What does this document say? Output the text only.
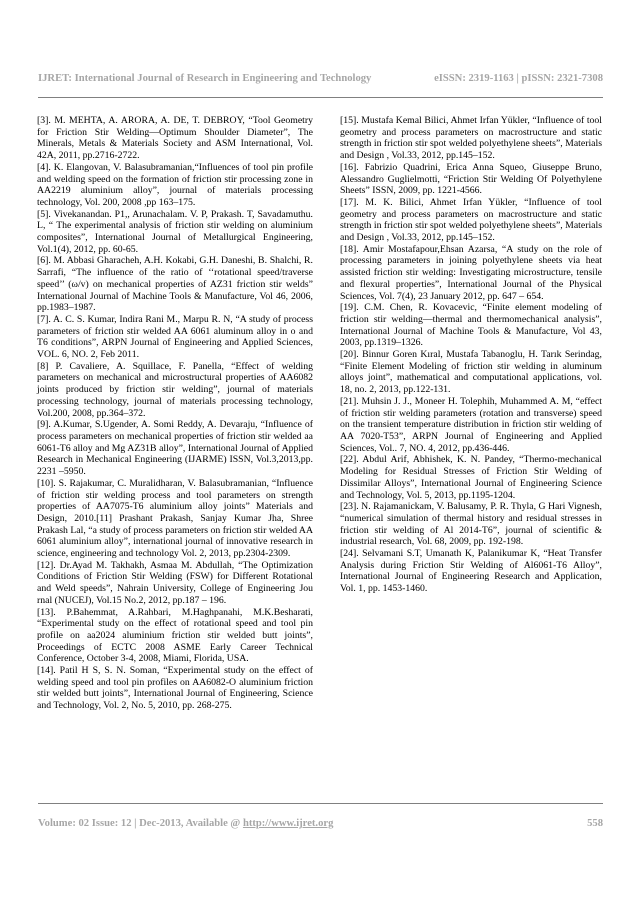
IJRET: International Journal of Research in Engineering and Technology	eISSN: 2319-1163 | pISSN: 2321-7308

[3]. M. MEHTA, A. ARORA, A. DE, T. DEBROY, “Tool Geometry for Friction Stir Welding—Optimum Shoulder Diameter”, The Minerals, Metals & Materials Society and ASM International, Vol. 42A, 2011, pp.2716-2722.

[4]. K. Elangovan, V. Balasubramanian,“Influences of tool pin profile and welding speed on the formation of friction stir processing zone in AA2219 aluminium alloy”, journal of materials processing technology, Vol. 200, 2008 ,pp 163–175.

[5]. Vivekanandan. P1,, Arunachalam. V. P, Prakash. T, Savadamuthu. L, “ The experimental analysis of friction stir welding on aluminium composites”, International Journal of Metallurgical Engineering, Vol.1(4), 2012, pp. 60-65.

[6]. M. Abbasi Gharacheh, A.H. Kokabi, G.H. Daneshi, B. Shalchi, R. Sarrafi, “The influence of the ratio of ‘‘rotational speed/traverse speed’’ (ω/v) on mechanical properties of AZ31 friction stir welds” International Journal of Machine Tools & Manufacture, Vol 46, 2006, pp.1983–1987.

[7]. A. C. S. Kumar, Indira Rani M., Marpu R. N, “A study of process parameters of friction stir welded AA 6061 aluminum alloy in o and T6 conditions”, ARPN Journal of Engineering and Applied Sciences, VOL. 6, NO. 2, Feb 2011.

[8] P. Cavaliere, A. Squillace, F. Panella, “Effect of welding parameters on mechanical and microstructural properties of AA6082 joints produced by friction stir welding”, journal of materials processing technology, journal of materials processing technology, Vol.200, 2008, pp.364–372.

[9]. A.Kumar, S.Ugender, A. Somi Reddy, A. Devaraju, “Influence of process parameters on mechanical properties of friction stir welded aa 6061-T6 alloy and Mg AZ31B alloy”, International Journal of Applied Research in Mechanical Engineering (IJARME) ISSN, Vol.3,2013,pp. 2231 –5950.

[10]. S. Rajakumar, C. Muralidharan, V. Balasubramanian, “Influence of friction stir welding process and tool parameters on strength properties of AA7075-T6 aluminium alloy joints” Materials and Design, 2010.[11] Prashant Prakash, Sanjay Kumar Jha, Shree Prakash Lal, “a study of process parameters on friction stir welded AA 6061 aluminium alloy”, international journal of innovative research in science, engineering and technology Vol. 2, 2013, pp.2304-2309.

[12]. Dr.Ayad M. Takhakh, Asmaa M. Abdullah, “The Optimization Conditions of Friction Stir Welding (FSW) for Different Rotational and Weld speeds”, Nahrain University, College of Engineering Jou rnal (NUCEJ), Vol.15 No.2, 2012, pp.187 – 196.

[13]. P.Bahemmat, A.Rahbari, M.Haghpanahi, M.K.Besharati, “Experimental study on the effect of rotational speed and tool pin profile on aa2024 aluminium friction stir welded butt joints”, Proceedings of ECTC 2008 ASME Early Career Technical Conference, October 3-4, 2008, Miami, Florida, USA.

[14]. Patil H S, S. N. Soman, “Experimental study on the effect of welding speed and tool pin profiles on AA6082-O aluminium friction stir welded butt joints”, International Journal of Engineering, Science and Technology, Vol. 2, No. 5, 2010, pp. 268-275.

[15]. Mustafa Kemal Bilici, Ahmet Irfan Yükler, “Influence of tool geometry and process parameters on macrostructure and static strength in friction stir spot welded polyethylene sheets”, Materials and Design , Vol.33, 2012, pp.145–152.

[16]. Fabrizio Quadrini, Erica Anna Squeo, Giuseppe Bruno, Alessandro Guglielmotti, “Friction Stir Welding Of Polyethylene Sheets” ISSN, 2009, pp. 1221-4566.

[17]. M. K. Bilici, Ahmet Irfan Yükler, “Influence of tool geometry and process parameters on macrostructure and static strength in friction stir spot welded polyethylene sheets”, Materials and Design , Vol.33, 2012, pp.145–152.

[18]. Amir Mostafapour,Ehsan Azarsa, “A study on the role of processing parameters in joining polyethylene sheets via heat assisted friction stir welding: Investigating microstructure, tensile and flexural properties”, International Journal of the Physical Sciences, Vol. 7(4), 23 January 2012, pp. 647 – 654.

[19]. C.M. Chen, R. Kovacevic, “Finite element modeling of friction stir welding—thermal and thermomechanical analysis”, International Journal of Machine Tools & Manufacture, Vol 43, 2003, pp.1319–1326.

[20]. Binnur Goren Kıral, Mustafa Tabanoglu, H. Tarık Serindag, “Finite Element Modeling of friction stir welding in aluminum alloys joint”, mathematical and computational applications, vol. 18, no. 2, 2013, pp.122-131.

[21]. Muhsin J. J., Moneer H. Tolephih, Muhammed A. M, “effect of friction stir welding parameters (rotation and transverse) speed on the transient temperature distribution in friction stir welding of AA 7020-T53”, ARPN Journal of Engineering and Applied Sciences, Vol.. 7, NO. 4, 2012, pp.436-446.

[22]. Abdul Arif, Abhishek, K. N. Pandey, “Thermo-mechanical Modeling for Residual Stresses of Friction Stir Welding of Dissimilar Alloys”, International Journal of Engineering Science and Technology, Vol. 5, 2013, pp.1195-1204.

[23]. N. Rajamanickam, V. Balusamy, P. R. Thyla, G Hari Vignesh, “numerical simulation of thermal history and residual stresses in friction stir welding of Al 2014-T6”, journal of scientific & industrial research, Vol. 68, 2009, pp. 192-198.

[24]. Selvamani S.T, Umanath K, Palanikumar K, “Heat Transfer Analysis during Friction Stir Welding of Al6061-T6 Alloy”, International Journal of Engineering Research and Application, Vol. 1, pp. 1453-1460.

Volume: 02 Issue: 12 | Dec-2013, Available @ http://www.ijret.org	558
